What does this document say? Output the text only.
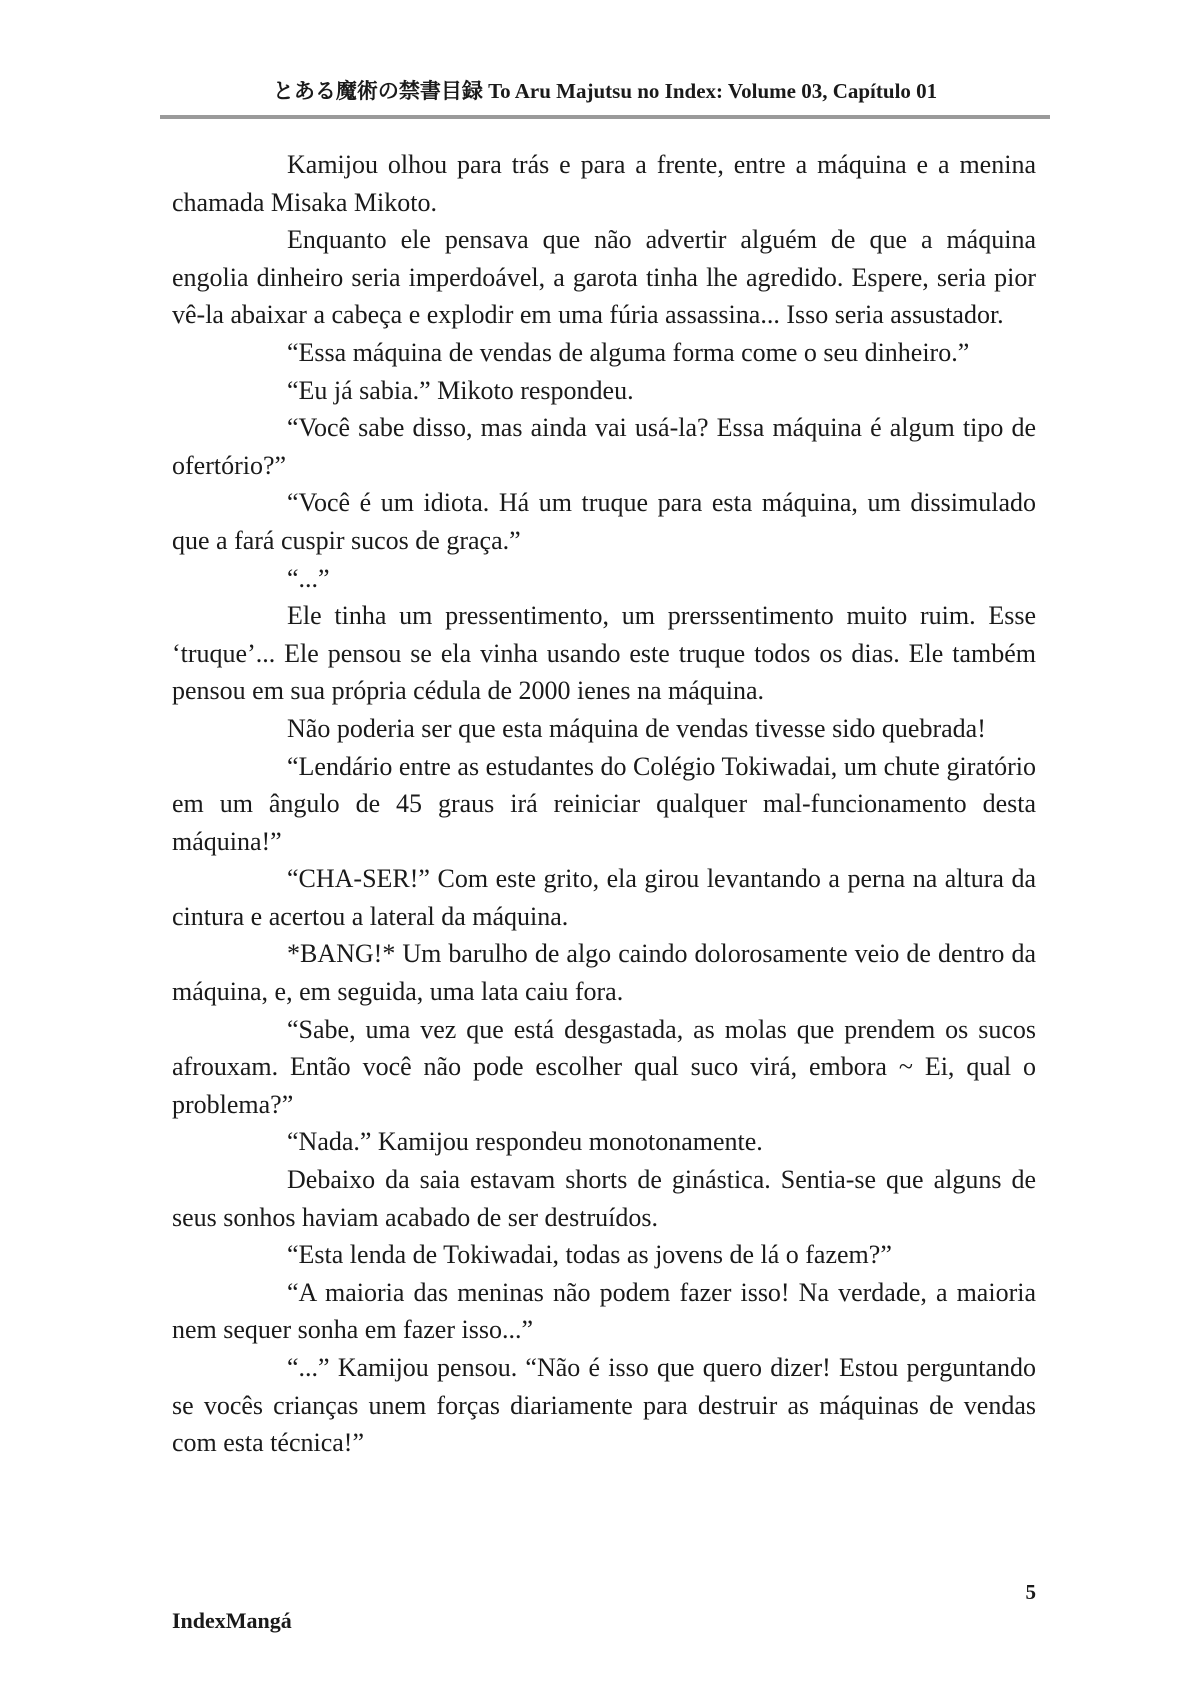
とある魔術の禁書目録 To Aru Majutsu no Index: Volume 03, Capítulo 01

Kamijou olhou para trás e para a frente, entre a máquina e a menina chamada Misaka Mikoto.

Enquanto ele pensava que não advertir alguém de que a máquina engolia dinheiro seria imperdoável, a garota tinha lhe agredido. Espere, seria pior vê-la abaixar a cabeça e explodir em uma fúria assassina... Isso seria assustador.

“Essa máquina de vendas de alguma forma come o seu dinheiro.”

“Eu já sabia.” Mikoto respondeu.

“Você sabe disso, mas ainda vai usá-la? Essa máquina é algum tipo de ofertório?”

“Você é um idiota. Há um truque para esta máquina, um dissimulado que a fará cuspir sucos de graça.”

“...”

Ele tinha um pressentimento, um prerssentimento muito ruim. Esse ‘truque’... Ele pensou se ela vinha usando este truque todos os dias. Ele também pensou em sua própria cédula de 2000 ienes na máquina.

Não poderia ser que esta máquina de vendas tivesse sido quebrada!

“Lendário entre as estudantes do Colégio Tokiwadai, um chute giratório em um ângulo de 45 graus irá reiniciar qualquer mal-funcionamento desta máquina!”

“CHA-SER!” Com este grito, ela girou levantando a perna na altura da cintura e acertou a lateral da máquina.

*BANG!* Um barulho de algo caindo dolorosamente veio de dentro da máquina, e, em seguida, uma lata caiu fora.

“Sabe, uma vez que está desgastada, as molas que prendem os sucos afrouxam. Então você não pode escolher qual suco virá, embora ~ Ei, qual o problema?”

“Nada.” Kamijou respondeu monotonamente.

Debaixo da saia estavam shorts de ginástica. Sentia-se que alguns de seus sonhos haviam acabado de ser destruídos.

“Esta lenda de Tokiwadai, todas as jovens de lá o fazem?”

“A maioria das meninas não podem fazer isso! Na verdade, a maioria nem sequer sonha em fazer isso...”

“...” Kamijou pensou. “Não é isso que quero dizer! Estou perguntando se vocês crianças unem forças diariamente para destruir as máquinas de vendas com esta técnica!”

5
IndexMangá
